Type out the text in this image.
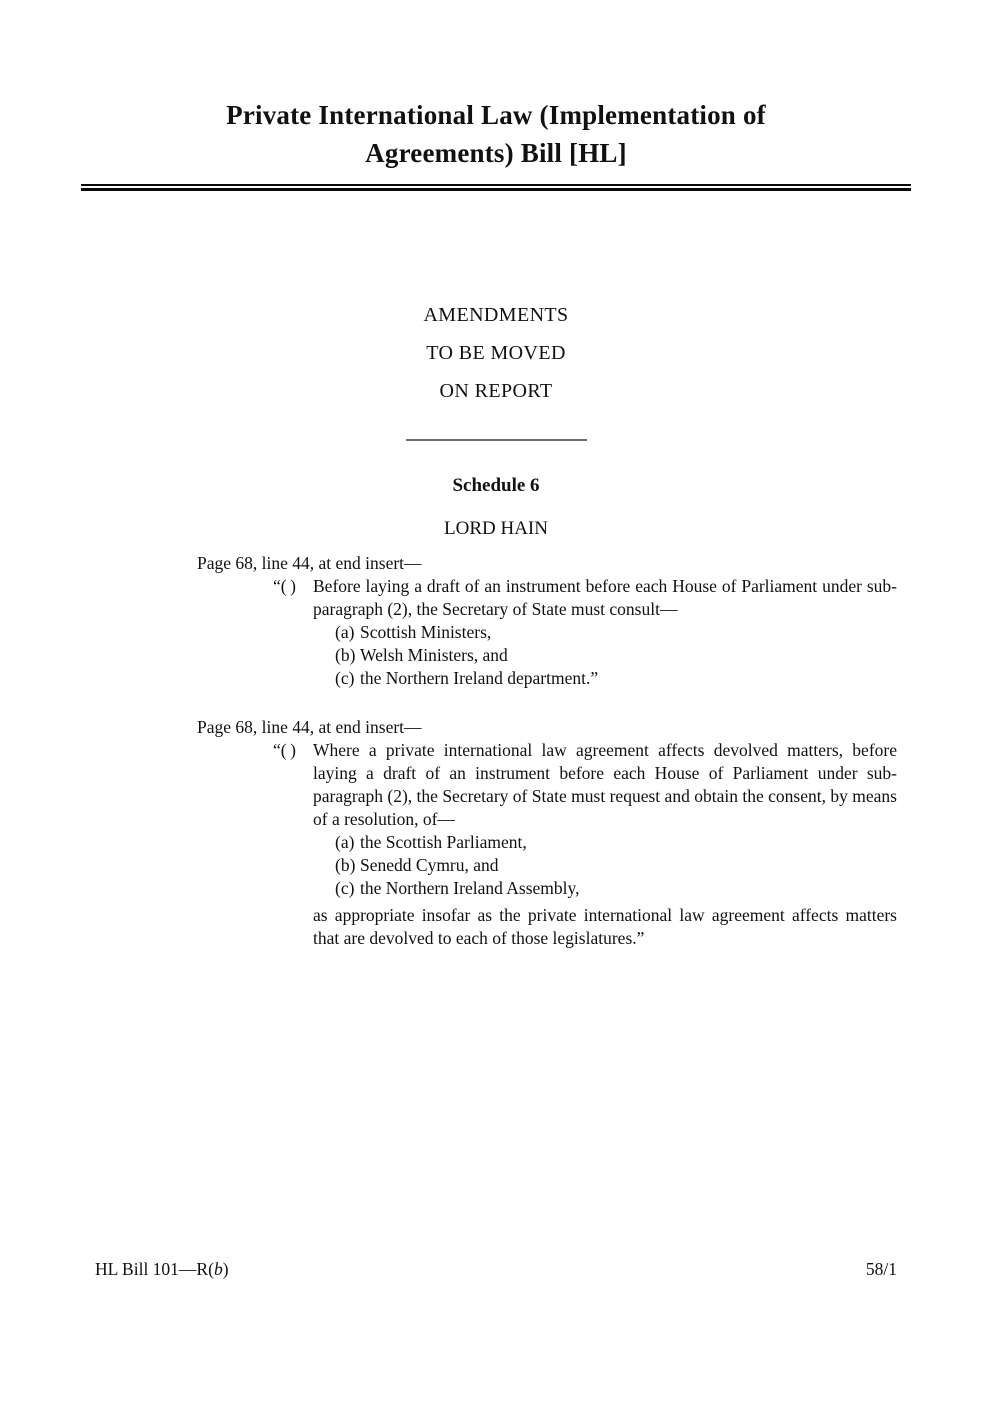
Private International Law (Implementation of
Agreements) Bill [HL]
AMENDMENTS
TO BE MOVED
ON REPORT
Schedule 6
LORD HAIN
Page 68, line 44, at end insert—
“( ) Before laying a draft of an instrument before each House of Parliament under sub-paragraph (2), the Secretary of State must consult—
(a) Scottish Ministers,
(b) Welsh Ministers, and
(c) the Northern Ireland department.”
Page 68, line 44, at end insert—
“( ) Where a private international law agreement affects devolved matters, before laying a draft of an instrument before each House of Parliament under sub-paragraph (2), the Secretary of State must request and obtain the consent, by means of a resolution, of—
(a) the Scottish Parliament,
(b) Senedd Cymru, and
(c) the Northern Ireland Assembly,
as appropriate insofar as the private international law agreement affects matters that are devolved to each of those legislatures.”
HL Bill 101—R(b)	58/1
